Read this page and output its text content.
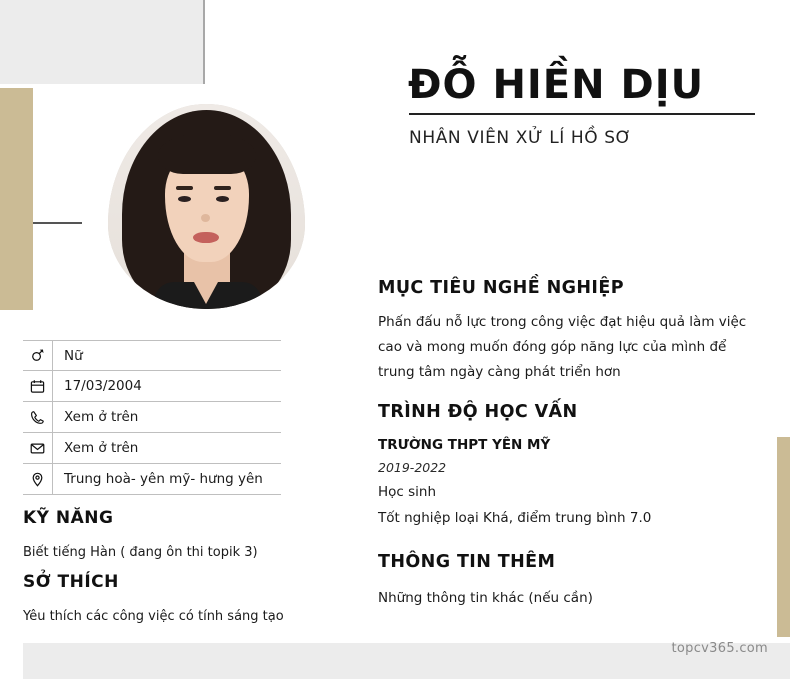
ĐỖ HIỀN DỊU
NHÂN VIÊN XỬ LÍ HỒ SƠ
Nữ
17/03/2004
Xem ở trên
Xem ở trên
Trung hoà- yên mỹ- hưng yên
KỸ NĂNG
Biết tiếng Hàn ( đang ôn thi topik 3)
SỞ THÍCH
Yêu thích các công việc có tính sáng tạo
MỤC TIÊU NGHỀ NGHIỆP
Phấn đấu nỗ lực trong công việc đạt hiệu quả làm việc cao và mong muốn đóng góp năng lực của mình để trung tâm ngày càng phát triển hơn
TRÌNH ĐỘ HỌC VẤN
TRƯỜNG THPT YÊN MỸ
2019-2022
Học sinh
Tốt nghiệp loại Khá, điểm trung bình 7.0
THÔNG TIN THÊM
Những thông tin khác (nếu cần)
topcv365.com
